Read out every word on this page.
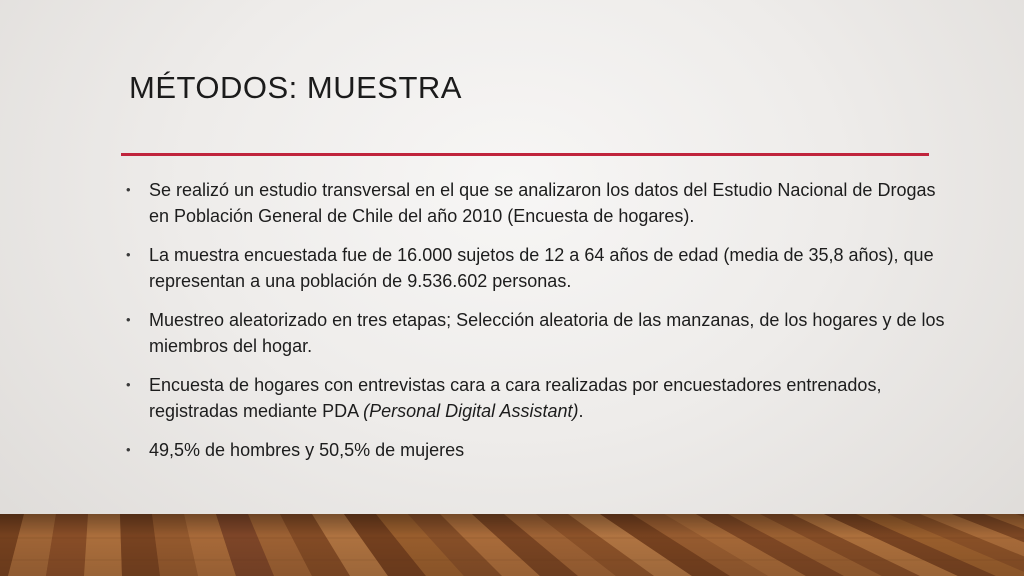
MÉTODOS: MUESTRA
• Se realizó un estudio transversal en el que se analizaron los datos del Estudio Nacional de Drogas en Población General de Chile del año 2010 (Encuesta de hogares).
• La muestra encuestada fue de 16.000 sujetos de 12 a 64 años de edad (media de 35,8 años), que representan a una población de 9.536.602 personas.
• Muestreo aleatorizado en tres etapas; Selección aleatoria de las manzanas, de los hogares y de los miembros del hogar.
• Encuesta de hogares con entrevistas cara a cara realizadas por encuestadores entrenados, registradas mediante PDA (Personal Digital Assistant).
• 49,5% de hombres y 50,5% de mujeres
